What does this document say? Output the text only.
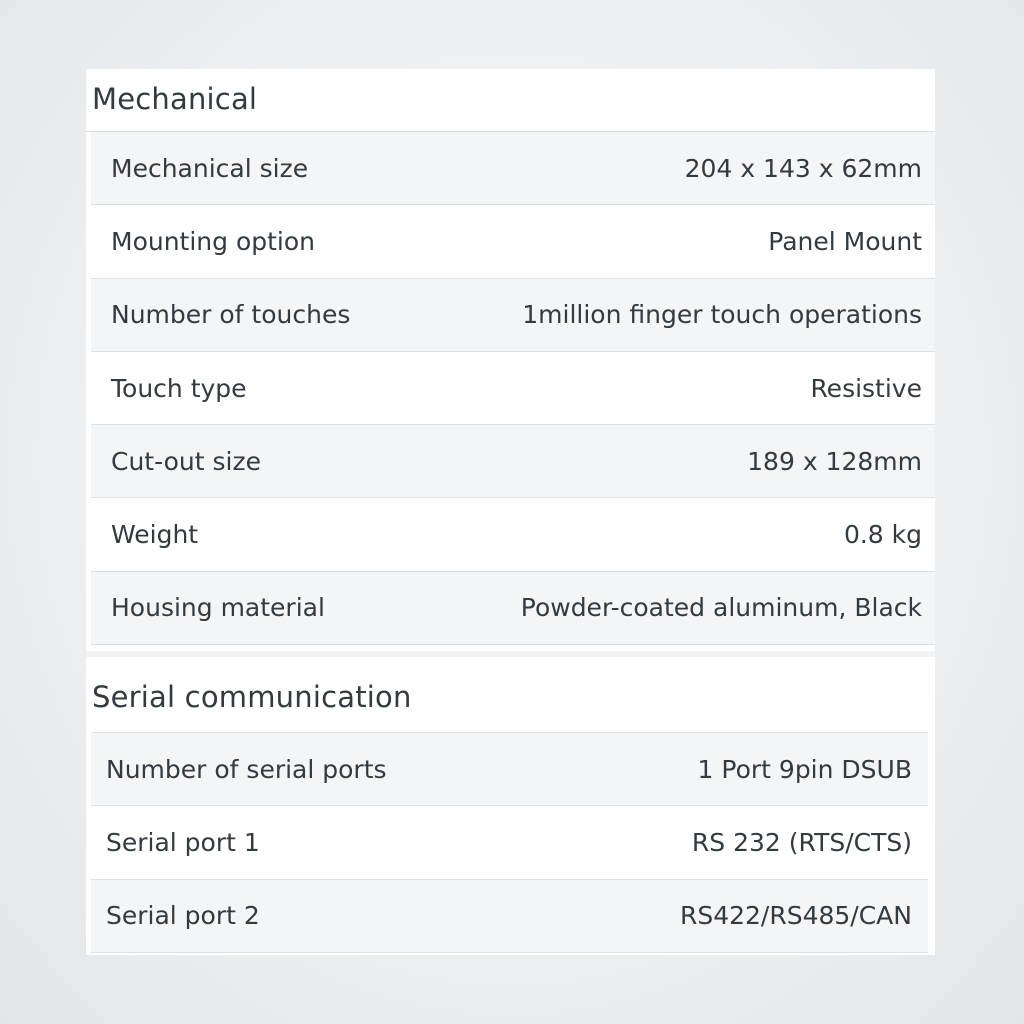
Mechanical
Mechanical size	204 x 143 x 62mm
Mounting option	Panel Mount
Number of touches	1million finger touch operations
Touch type	Resistive
Cut-out size	189 x 128mm
Weight	0.8 kg
Housing material	Powder-coated aluminum, Black
Serial communication
Number of serial ports	1 Port 9pin DSUB
Serial port 1	RS 232 (RTS/CTS)
Serial port 2	RS422/RS485/CAN
